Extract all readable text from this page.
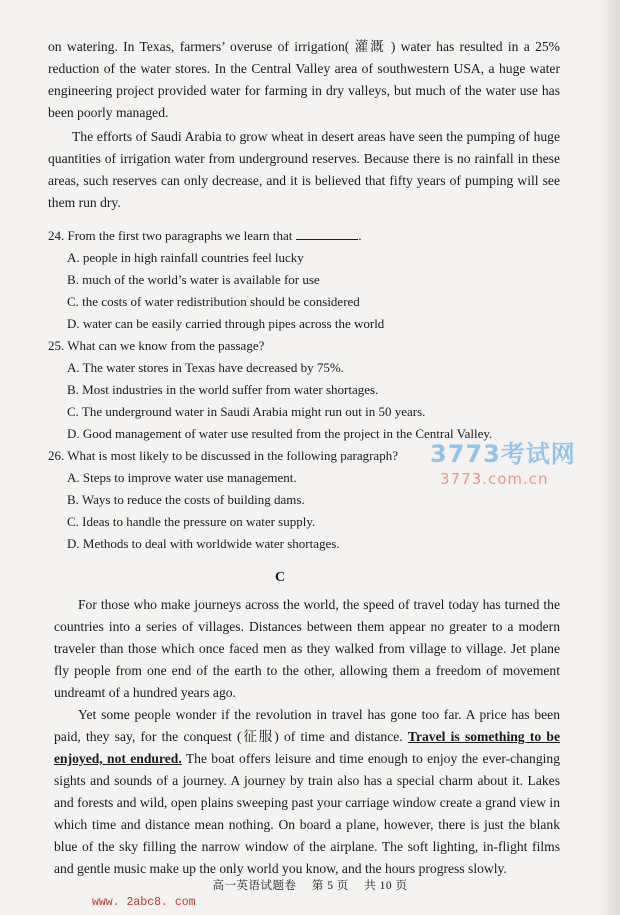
on watering. In Texas, farmers’ overuse of irrigation( 灌溉 ) water has resulted in a 25% reduction of the water stores. In the Central Valley area of southwestern USA, a huge water engineering project provided water for farming in dry valleys, but much of the water use has been poorly managed.
The efforts of Saudi Arabia to grow wheat in desert areas have seen the pumping of huge quantities of irrigation water from underground reserves. Because there is no rainfall in these areas, such reserves can only decrease, and it is believed that fifty years of pumping will see them run dry.
24. From the first two paragraphs we learn that	.
A. people in high rainfall countries feel lucky
B. much of the world’s water is available for use
C. the costs of water redistribution should be considered
D. water can be easily carried through pipes across the world
25. What can we know from the passage?
A. The water stores in Texas have decreased by 75%.
B. Most industries in the world suffer from water shortages.
C. The underground water in Saudi Arabia might run out in 50 years.
D. Good management of water use resulted from the project in the Central Valley.
26. What is most likely to be discussed in the following paragraph?
A. Steps to improve water use management.
B. Ways to reduce the costs of building dams.
C. Ideas to handle the pressure on water supply.
D. Methods to deal with worldwide water shortages.
C
For those who make journeys across the world, the speed of travel today has turned the countries into a series of villages. Distances between them appear no greater to a modern traveler than those which once faced men as they walked from village to village. Jet plane fly people from one end of the earth to the other, allowing them a freedom of movement undreamt of a hundred years ago.
Yet some people wonder if the revolution in travel has gone too far. A price has been paid, they say, for the conquest (征服) of time and distance. Travel is something to be enjoyed, not endured. The boat offers leisure and time enough to enjoy the ever-changing sights and sounds of a journey. A journey by train also has a special charm about it. Lakes and forests and wild, open plains sweeping past your carriage window create a grand view in which time and distance mean nothing. On board a plane, however, there is just the blank blue of the sky filling the narrow window of the airplane. The soft lighting, in-flight films and gentle music make up the only world you know, and the hours progress slowly.
高一英语试题卷 第 5 页 共 10 页
3773考试网
3773.com.cn
www. 2abc8. com
